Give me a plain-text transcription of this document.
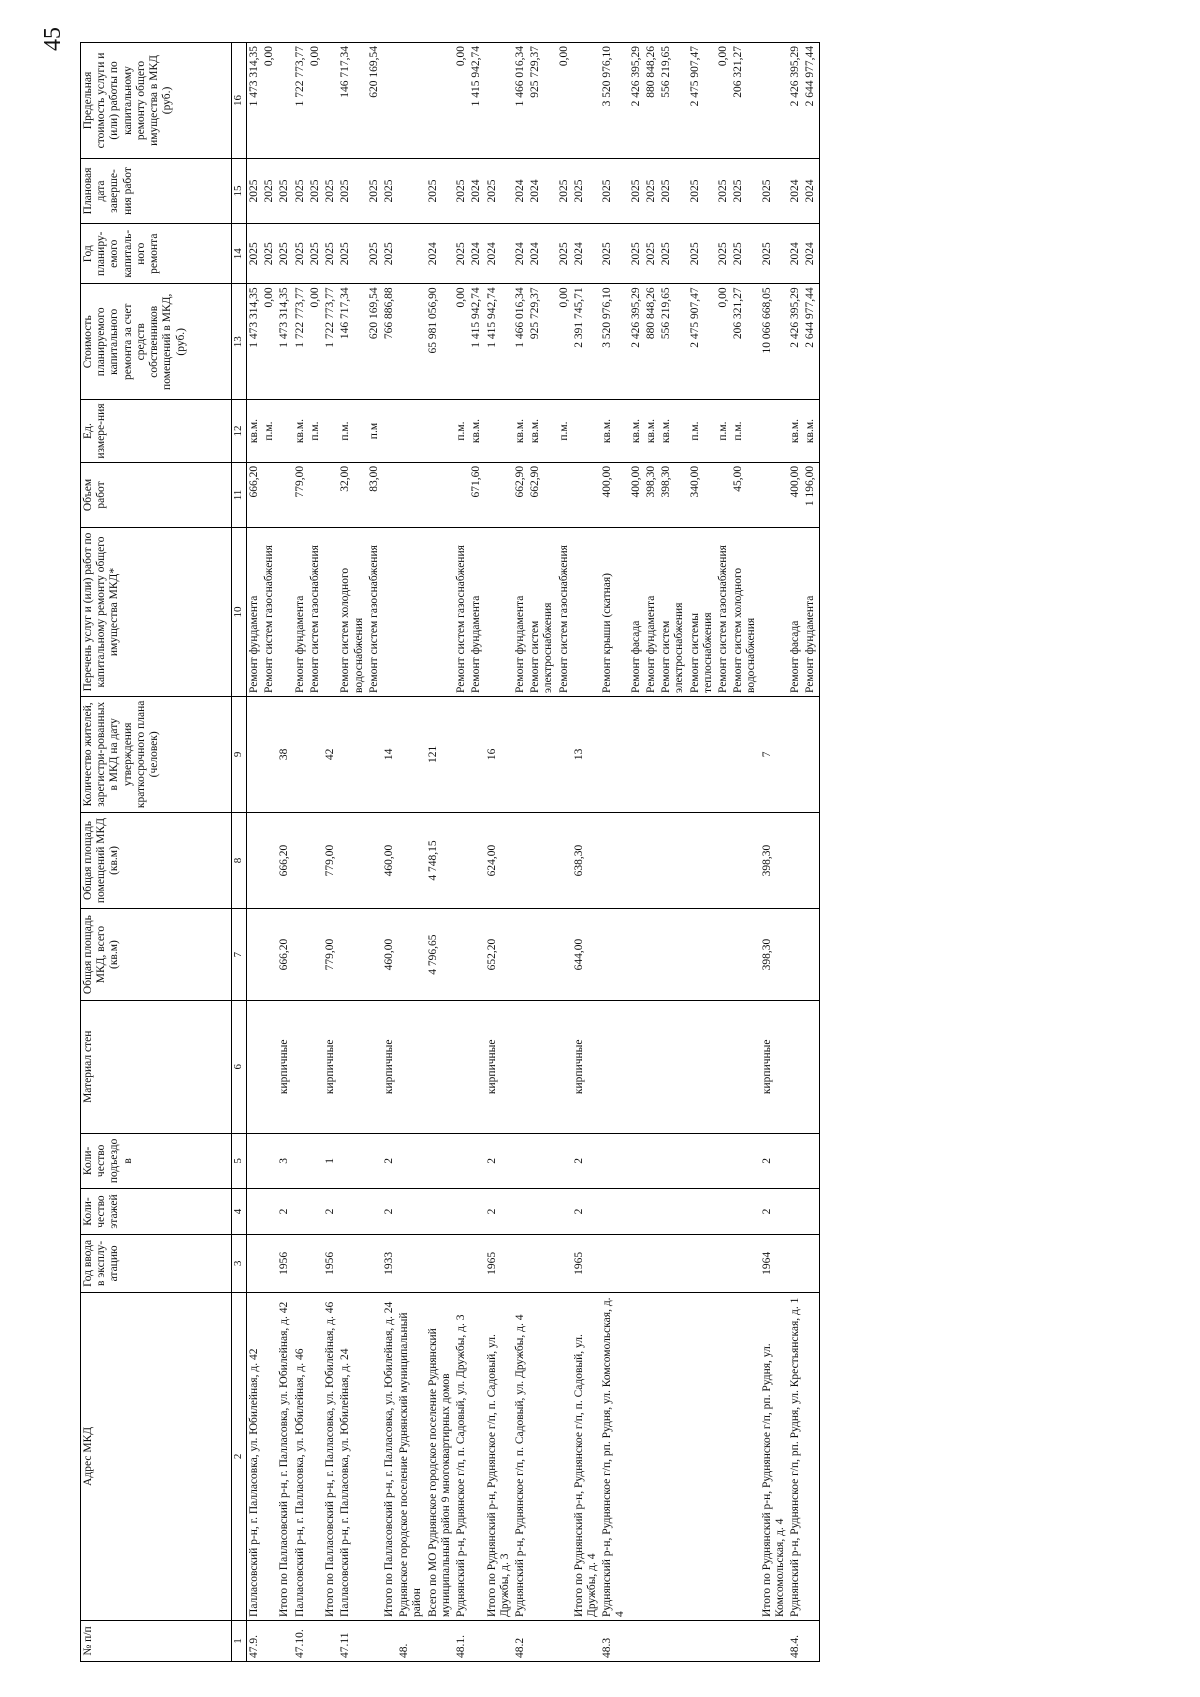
45
№ п/п	Адрес МКД	Год ввода в эксплу-атацию	Коли-чество этажей	Коли-чество подъездо в	Материал стен	Общая площадь МКД, всего (кв.м)	Общая площадь помещений МКД (кв.м)	Количество жителей, зарегистри-рованных в МКД на дату утверждения краткосрочного плана (человек)	Перечень услуг и (или) работ по капитальному ремонту общего имущества МКД*	Объем работ	Ед. измере-ния	Стоимость планируемого капитального ремонта за счет средств собственников помещений в МКД, (руб.)	Год планиру-емого капиталь-ного ремонта	Плановая дата заверше-ния работ	Предельная стоимость услуги и (или) работы по капитальному ремонту общего имущества в МКД (руб.)
1	2	3	4	5	6	7	8	9	10	11	12	13	14	15	16
47.9.	Палласовский р-н, г. Палласовка, ул. Юбилейная, д. 42								Ремонт фундамента	666,20	кв.м.	1 473 314,35	2025	2025	1 473 314,35
									Ремонт систем газоснабжения		п.м.	0,00	2025	2025	0,00
	Итого по Палласовский р-н, г. Палласовка, ул. Юбилейная, д. 42	1956	2	3	кирпичные	666,20	666,20	38				1 473 314,35	2025	2025	
47.10.	Палласовский р-н, г. Палласовка, ул. Юбилейная, д. 46								Ремонт фундамента	779,00	кв.м.	1 722 773,77	2025	2025	1 722 773,77
									Ремонт систем газоснабжения		п.м.	0,00	2025	2025	0,00
	Итого по Палласовский р-н, г. Палласовка, ул. Юбилейная, д. 46	1956	2	1	кирпичные	779,00	779,00	42				1 722 773,77	2025	2025	
47.11	Палласовский р-н, г. Палласовка, ул. Юбилейная, д. 24								Ремонт систем холодного водоснабжения	32,00	п.м.	146 717,34	2025	2025	146 717,34
									Ремонт систем газоснабжения	83,00	п.м	620 169,54	2025	2025	620 169,54
	Итого по Палласовский р-н, г. Палласовка, ул. Юбилейная, д. 24	1933	2	2	кирпичные	460,00	460,00	14				766 886,88	2025	2025	
48.	Руднянское городское поселение Руднянский муниципальный район														
	Всего по МО Руднянское городское поселение Руднянский муниципальный район 9 многоквартирных домов					4 796,65	4 748,15	121				65 981 056,90	2024	2025	
48.1.	Руднянский р-н, Руднянское г/п, п. Садовый, ул. Дружбы, д. 3								Ремонт систем газоснабжения		п.м.	0,00	2025	2025	0,00
									Ремонт фундамента	671,60	кв.м.	1 415 942,74	2024	2024	1 415 942,74
	Итого по Руднянский р-н, Руднянское г/п, п. Садовый, ул. Дружбы, д. 3	1965	2	2	кирпичные	652,20	624,00	16				1 415 942,74	2024	2025	
48.2	Руднянский р-н, Руднянское г/п, п. Садовый, ул. Дружбы, д. 4								Ремонт фундамента	662,90	кв.м.	1 466 016,34	2024	2024	1 466 016,34
									Ремонт систем электроснабжения	662,90	кв.м.	925 729,37	2024	2024	925 729,37
									Ремонт систем газоснабжения		п.м.	0,00	2025	2025	0,00
	Итого по Руднянский р-н, Руднянское г/п, п. Садовый, ул. Дружбы, д. 4	1965	2	2	кирпичные	644,00	638,30	13				2 391 745,71	2024	2025	
48.3	Руднянский р-н, Руднянское г/п, рп. Рудня, ул. Комсомольская, д. 4								Ремонт крыши (скатная)	400,00	кв.м.	3 520 976,10	2025	2025	3 520 976,10
									Ремонт фасада	400,00	кв.м.	2 426 395,29	2025	2025	2 426 395,29
									Ремонт фундамента	398,30	кв.м.	880 848,26	2025	2025	880 848,26
									Ремонт систем электроснабжения	398,30	кв.м.	556 219,65	2025	2025	556 219,65
									Ремонт системы теплоснабжения	340,00	п.м.	2 475 907,47	2025	2025	2 475 907,47
									Ремонт систем газоснабжения		п.м.	0,00	2025	2025	0,00
									Ремонт систем холодного водоснабжения	45,00	п.м.	206 321,27	2025	2025	206 321,27
	Итого по Руднянский р-н, Руднянское г/п, рп. Рудня, ул. Комсомольская, д. 4	1964	2	2	кирпичные	398,30	398,30	7				10 066 668,05	2025	2025	
48.4.	Руднянский р-н, Руднянское г/п, рп. Рудня, ул. Крестьянская, д. 1								Ремонт фасада	400,00	кв.м.	2 426 395,29	2024	2024	2 426 395,29
									Ремонт фундамента	1 196,00	кв.м.	2 644 977,44	2024	2024	2 644 977,44
